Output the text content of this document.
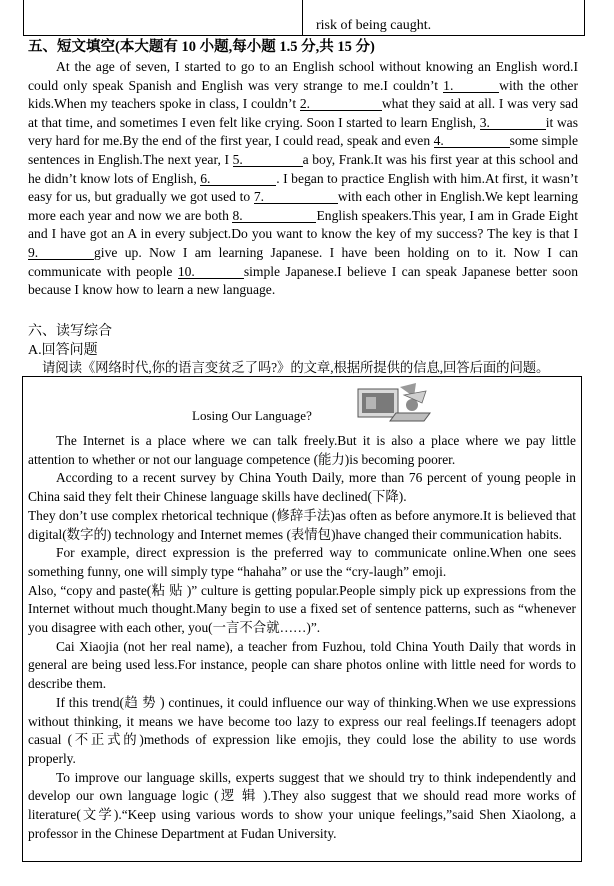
risk of being caught.
五、短文填空(本大题有 10 小题,每小题 1.5 分,共 15 分)
At the age of seven, I started to go to an English school without knowing an English word.I could only speak Spanish and English was very strange to me.I couldn’t 1.	with the other kids.When my teachers spoke in class, I couldn’t 2.	what they said at all. I was very sad at that time, and sometimes I even felt like crying. Soon I started to learn English, 3.	it was very hard for me.By the end of the first year, I could read, speak and even 4.	some simple sentences in English.The next year, I 5.	a boy, Frank.It was his first year at this school and he didn’t know lots of English, 6.	. I began to practice English with him.At first, it wasn’t easy for us, but gradually we got used to 7.	with each other in English.We kept learning more each year and now we are both 8.	English speakers.This year, I am in Grade Eight and I have got an A in every subject.Do you want to know the key of my success? The key is that I 9.	give up. Now I am learning Japanese. I have been holding on to it. Now I can communicate with people 10.	simple Japanese.I believe I can speak Japanese better soon because I know how to learn a new language.
六、读写综合
A.回答问题
请阅读《网络时代,你的语言变贫乏了吗?》的文章,根据所提供的信息,回答后面的问题。
Losing Our Language?

The Internet is a place where we can talk freely.But it is also a place where we pay little attention to whether or not our language competence (能力)is becoming poorer.

According to a recent survey by China Youth Daily, more than 76 percent of young people in China said they felt their Chinese language skills have declined(下降).

They don’t use complex rhetorical technique (修辞手法)as often as before anymore.It is believed that digital(数字的) technology and Internet memes (表情包)have changed their communication habits.

For example, direct expression is the preferred way to communicate online.When one sees something funny, one will simply type “hahaha” or use the “cry-laugh” emoji.

Also, “copy and paste(粘 贴 )” culture is getting popular.People simply pick up expressions from the Internet without much thought.Many begin to use a fixed set of sentence patterns, such as “whenever you disagree with each other, you(一言不合就……)”.

Cai Xiaojia (not her real name), a teacher from Fuzhou, told China Youth Daily that words in general are being used less.For instance, people can share photos online with little need for words to describe them.

If this trend(趋 势 ) continues, it could influence our way of thinking.When we use expressions without thinking, it means we have become too lazy to express our real feelings.If teenagers adopt casual (不正式的)methods of expression like emojis, they could lose the ability to use words properly.

To improve our language skills, experts suggest that we should try to think independently and develop our own language logic (逻 辑 ).They also suggest that we should read more works of literature(文学).“Keep using various words to show your unique feelings,”said Shen Xiaolong, a professor in the Chinese Department at Fudan University.
